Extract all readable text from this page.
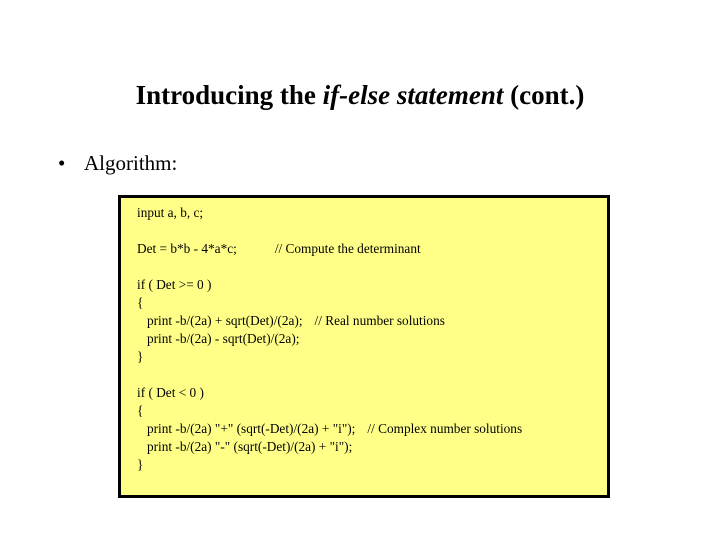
Introducing the if-else statement (cont.)
• Algorithm:
input a, b, c;
Det = b*b - 4*a*c;	// Compute the determinant
if ( Det >= 0 )
{
print -b/(2a) + sqrt(Det)/(2a); // Real number solutions
print -b/(2a) - sqrt(Det)/(2a);
}
if ( Det < 0 )
{
print -b/(2a) "+" (sqrt(-Det)/(2a) + "i"); // Complex number solutions
print -b/(2a) "-" (sqrt(-Det)/(2a) + "i");
}
